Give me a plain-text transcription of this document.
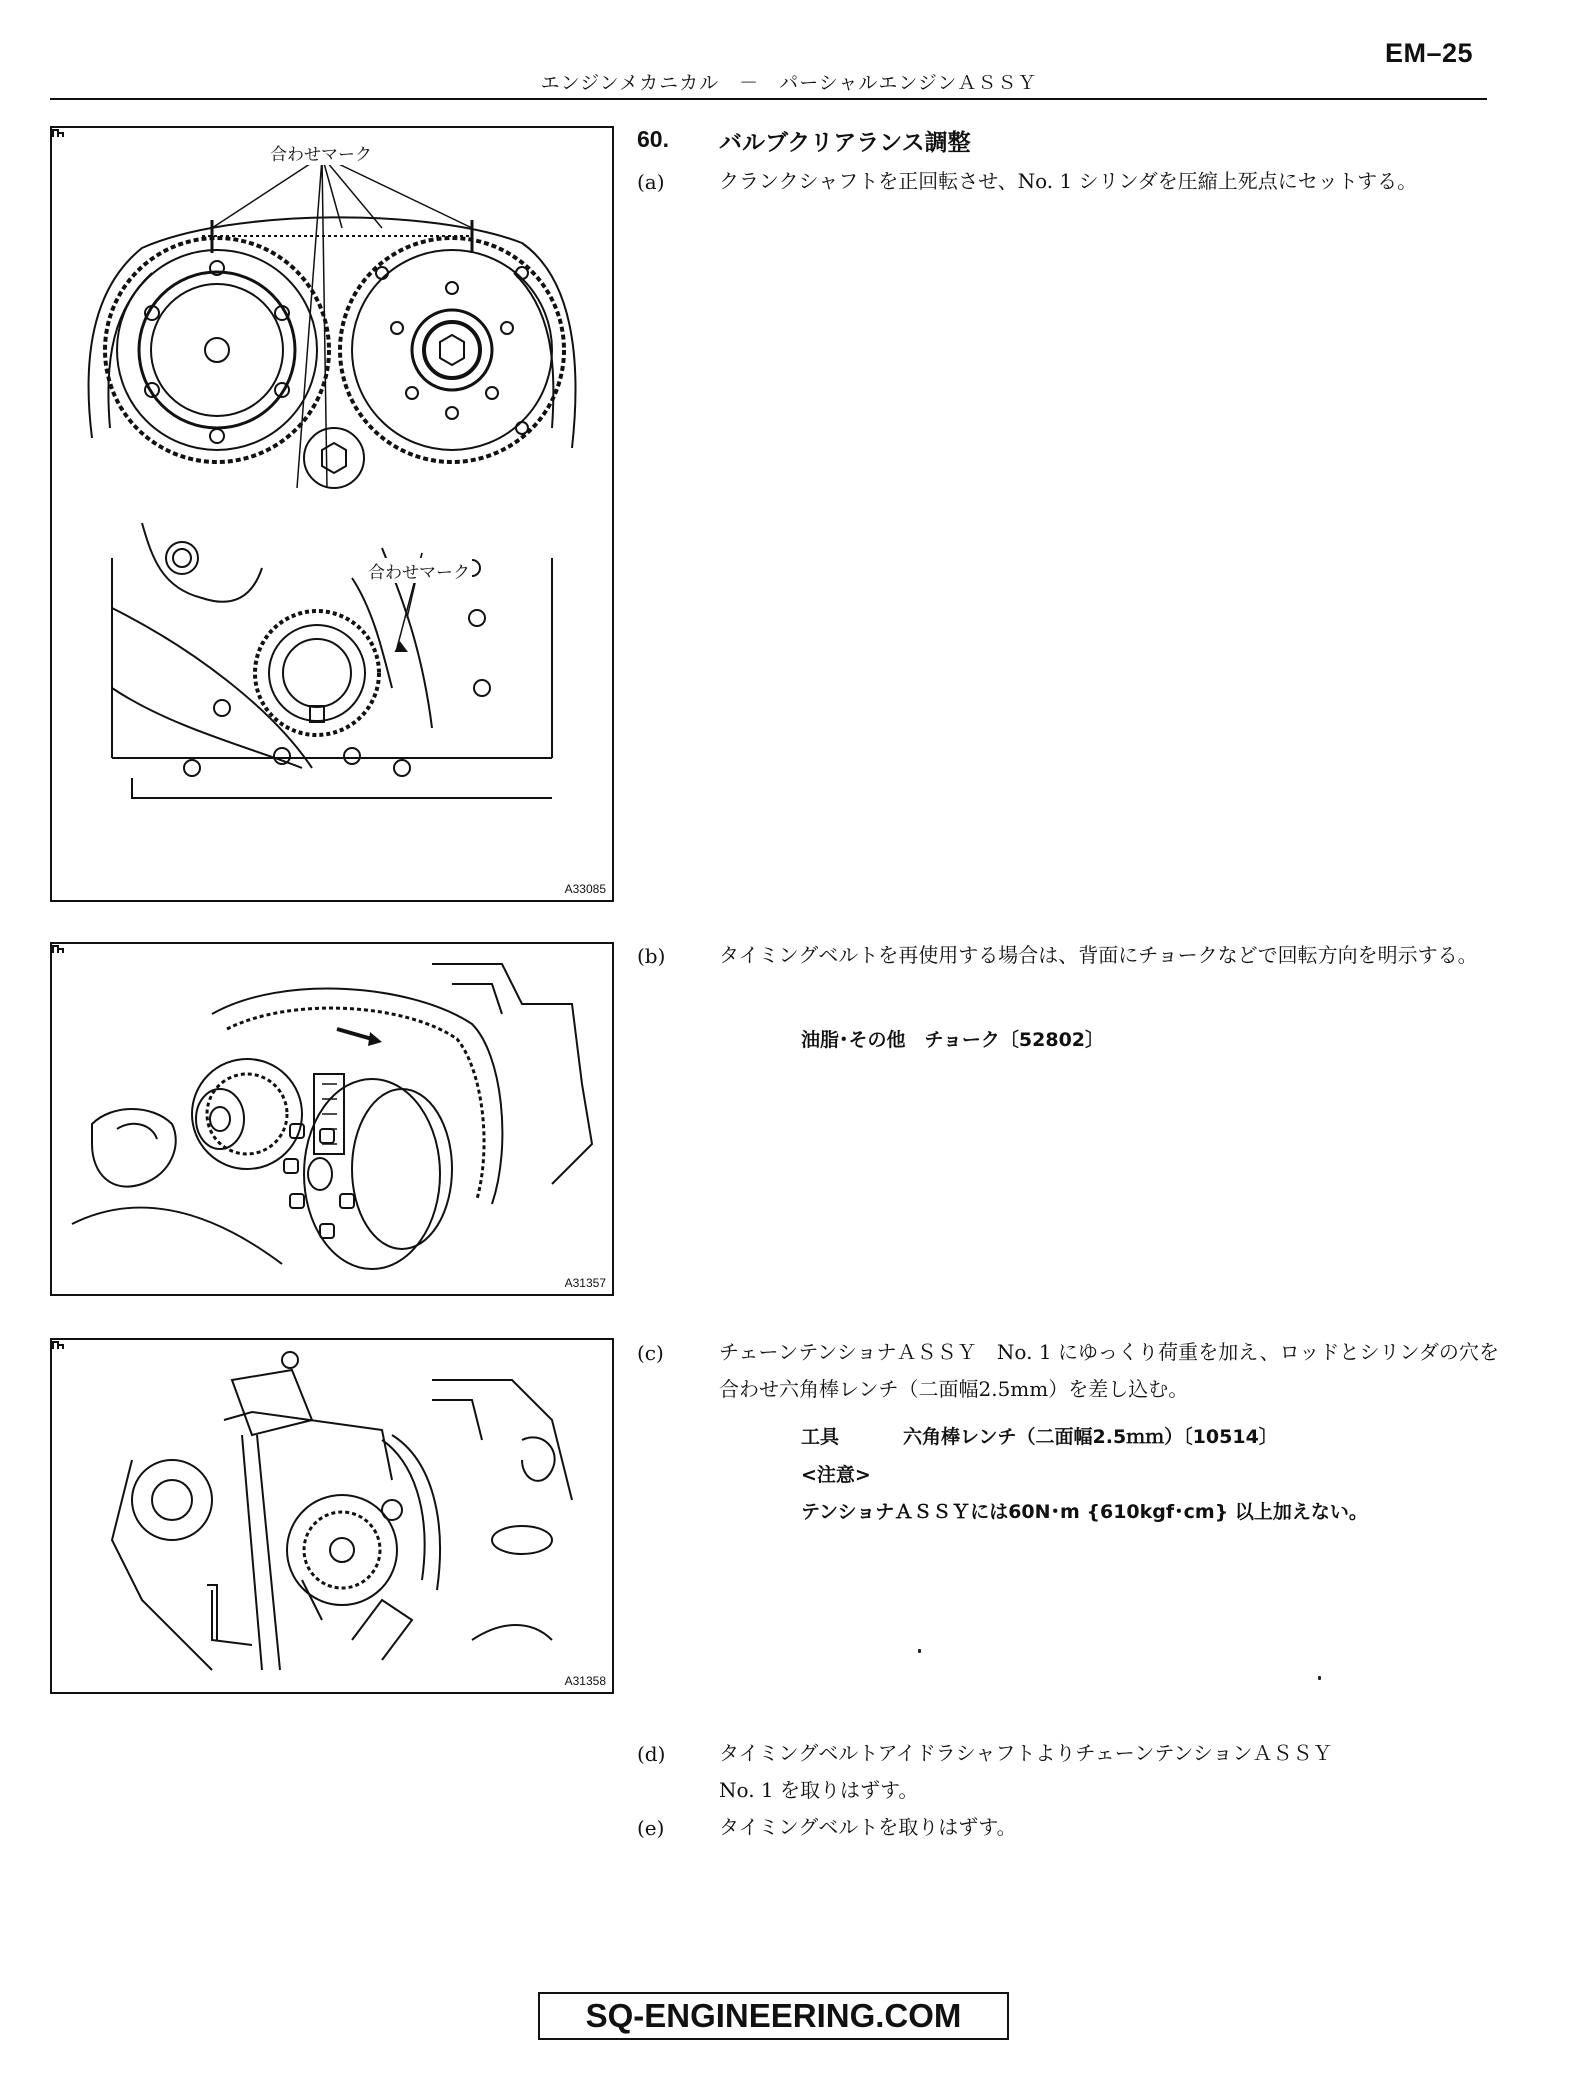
EM–25
エンジンメカニカル　－　パーシャルエンジンＡＳＳＹ
合わせマーク
合わせマーク
A33085
A31357
A31358
60. バルブクリアランス調整
(a)	クランクシャフトを正回転させ、No. 1 シリンダを圧縮上死点にセットする。
(b)	タイミングベルトを再使用する場合は、背面にチョークなどで回転方向を明示する。
油脂･その他　チョーク〔52802〕
(c)	チェーンテンショナＡＳＳＹ　No. 1 にゆっくり荷重を加え、ロッドとシリンダの穴を合わせ六角棒レンチ（二面幅2.5mm）を差し込む。
工具	六角棒レンチ（二面幅2.5ｍｍ）〔10514〕
<注意>
テンショナＡＳＳＹには60N･m {610kgf･cm} 以上加えない。
(d)	タイミングベルトアイドラシャフトよりチェーンテンションＡＳＳＹ
No. 1 を取りはずす。
(e)	タイミングベルトを取りはずす。
SQ-ENGINEERING.COM
